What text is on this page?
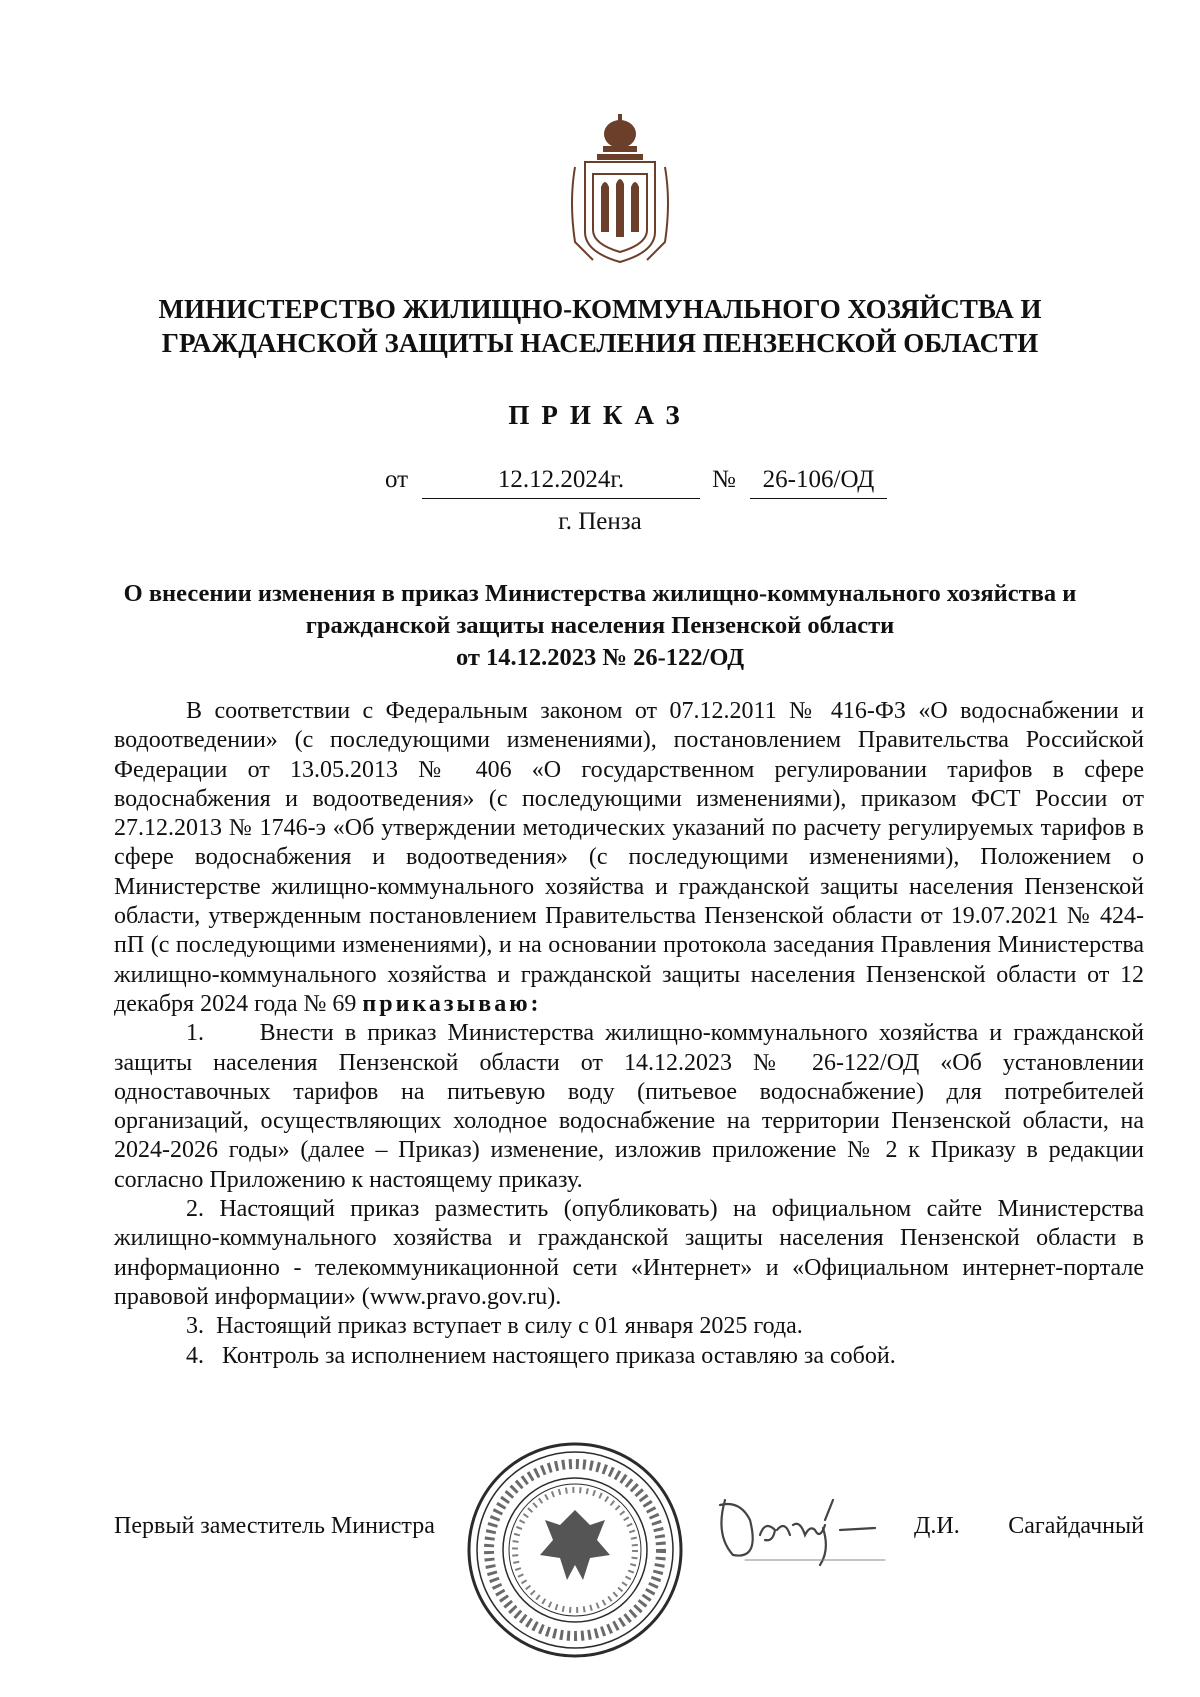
МИНИСТЕРСТВО ЖИЛИЩНО-КОММУНАЛЬНОГО ХОЗЯЙСТВА И
ГРАЖДАНСКОЙ ЗАЩИТЫ НАСЕЛЕНИЯ ПЕНЗЕНСКОЙ ОБЛАСТИ
ПРИКАЗ
от	12.12.2024г.	№	26-106/ОД
г. Пенза
О внесении изменения в приказ Министерства жилищно-коммунального хозяйства и
гражданской защиты населения Пензенской области
от 14.12.2023 № 26-122/ОД

В соответствии с Федеральным законом от 07.12.2011 № 416-ФЗ «О водоснабжении и водоотведении» (с последующими изменениями), постановлением Правительства Российской Федерации от 13.05.2013 № 406 «О государственном регулировании тарифов в сфере водоснабжения и водоотведения» (с последующими изменениями), приказом ФСТ России от 27.12.2013 № 1746-э «Об утверждении методических указаний по расчету регулируемых тарифов в сфере водоснабжения и водоотведения» (с последующими изменениями), Положением о Министерстве жилищно-коммунального хозяйства и гражданской защиты населения Пензенской области, утвержденным постановлением Правительства Пензенской области от 19.07.2021 № 424-пП (с последующими изменениями), и на основании протокола заседания Правления Министерства жилищно-коммунального хозяйства и гражданской защиты населения Пензенской области от 12 декабря 2024 года № 69 приказываю:

1.     Внести в приказ Министерства жилищно-коммунального хозяйства и гражданской защиты населения Пензенской области от 14.12.2023 № 26-122/ОД «Об установлении одноставочных тарифов на питьевую воду (питьевое водоснабжение) для потребителей организаций, осуществляющих холодное водоснабжение на территории Пензенской области, на 2024-2026 годы» (далее – Приказ) изменение, изложив приложение № 2 к Приказу в редакции согласно Приложению к настоящему приказу.

2. Настоящий приказ разместить (опубликовать) на официальном сайте Министерства жилищно-коммунального хозяйства и гражданской защиты населения Пензенской области в информационно - телекоммуникационной сети «Интернет» и «Официальном интернет-портале правовой информации» (www.pravo.gov.ru).

3.  Настоящий приказ вступает в силу с 01 января 2025 года.

4.   Контроль за исполнением настоящего приказа оставляю за собой.

Первый заместитель Министра	Д.И. Сагайдачный
